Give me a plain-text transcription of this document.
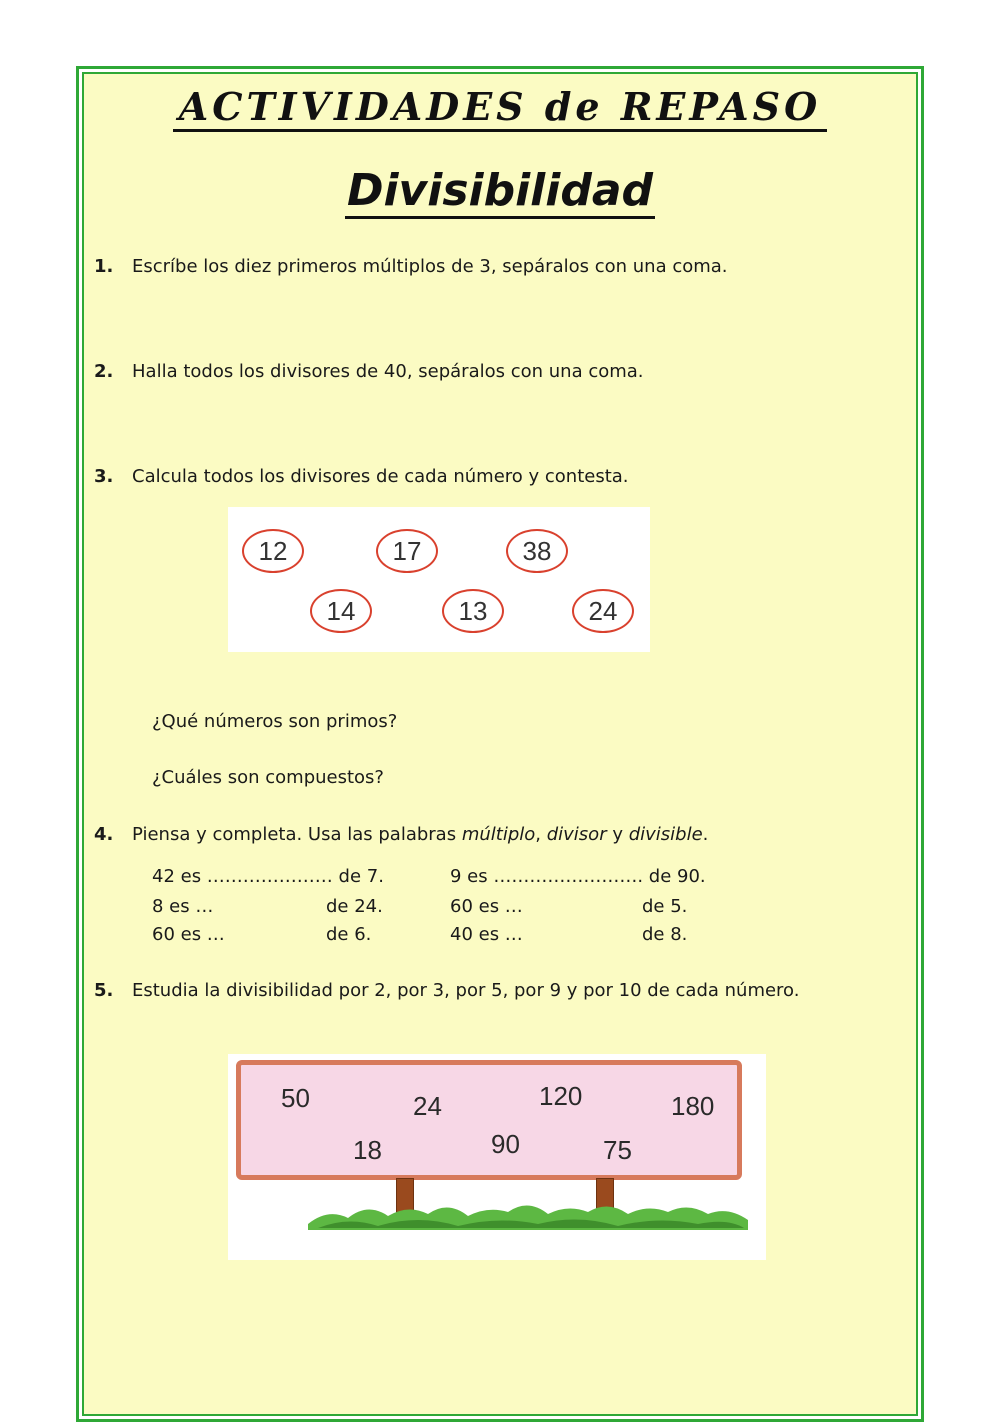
ACTIVIDADES de REPASO
Divisibilidad
1. Escríbe los diez primeros múltiplos de 3, sepáralos con una coma.
2. Halla todos los divisores de 40, sepáralos con una coma.
3. Calcula todos los divisores de cada número y contesta.
12	17	38
14	13	24
¿Qué números son primos?
¿Cuáles son compuestos?
4. Piensa y completa. Usa las palabras múltiplo, divisor y divisible.
42 es ………………… de 7.	9 es ……………………. de 90.
8 es …	de 24.	60 es …	de 5.
60 es …	de 6.	40 es …	de 8.
5. Estudia la divisibilidad por 2, por 3, por 5, por 9 y por 10 de cada número.
50	24	120	180
18	90	75
